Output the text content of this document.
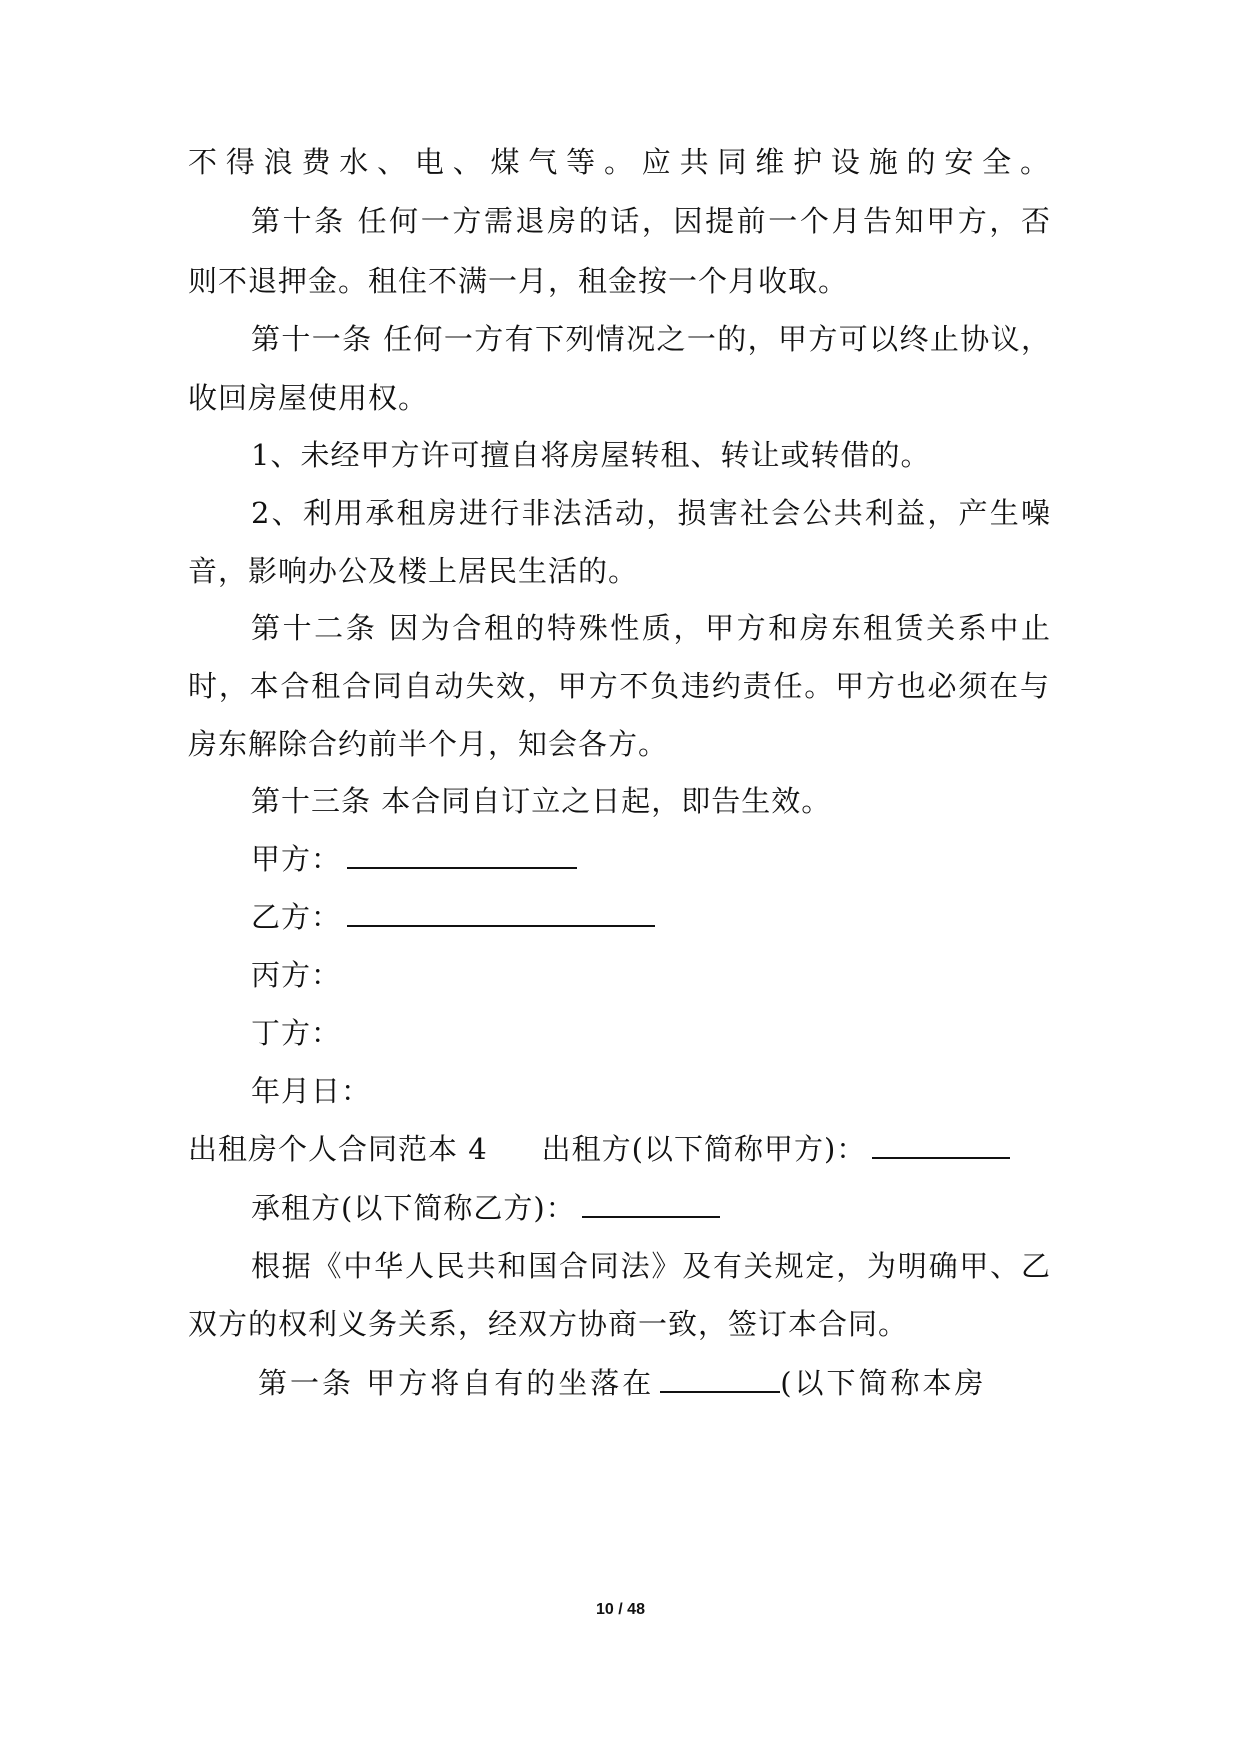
不得浪费水、电、煤气等。应共同维护设施的安全。
第十条 任何一方需退房的话，因提前一个月告知甲方，否
则不退押金。租住不满一月，租金按一个月收取。
第十一条 任何一方有下列情况之一的，甲方可以终止协议，
收回房屋使用权。
1、未经甲方许可擅自将房屋转租、转让或转借的。
2、利用承租房进行非法活动，损害社会公共利益，产生噪
音，影响办公及楼上居民生活的。
第十二条 因为合租的特殊性质，甲方和房东租赁关系中止
时，本合租合同自动失效，甲方不负违约责任。甲方也必须在与
房东解除合约前半个月，知会各方。
第十三条 本合同自订立之日起，即告生效。
甲方：
乙方：
丙方：
丁方：
年月日：
出租房个人合同范本 4 出租方(以下简称甲方)：
承租方(以下简称乙方)：
根据《中华人民共和国合同法》及有关规定，为明确甲、乙
双方的权利义务关系，经双方协商一致，签订本合同。
第一条 甲方将自有的坐落在	(以下简称本房
10 / 48
